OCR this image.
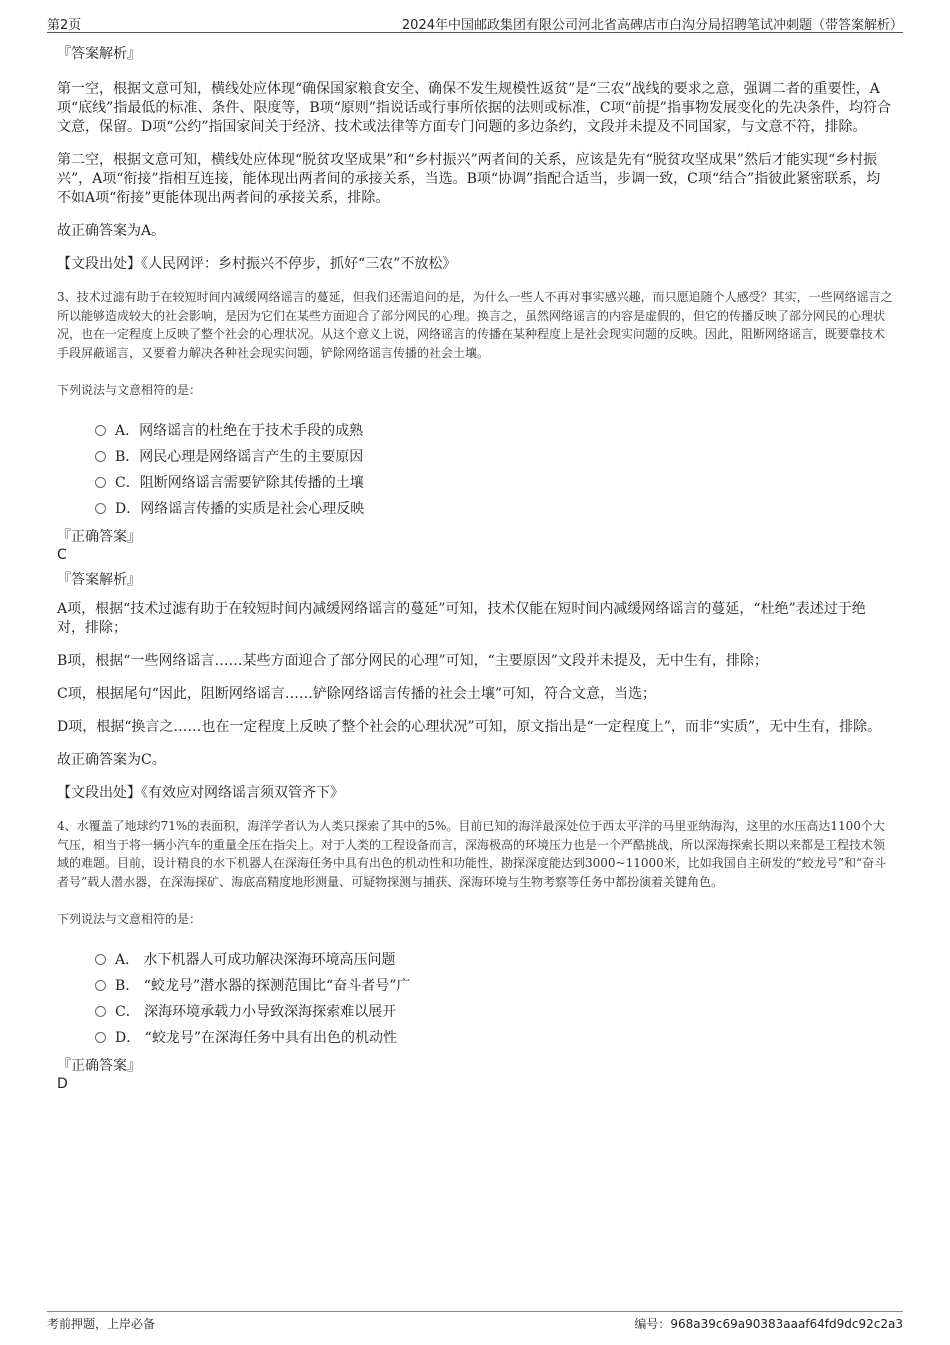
第2页	2024年中国邮政集团有限公司河北省高碑店市白沟分局招聘笔试冲刺题（带答案解析）
『答案解析』

第一空，根据文意可知，横线处应体现“确保国家粮食安全、确保不发生规模性返贫”是“三农”战线的要求之意，强调二者的重要性，A项“底线”指最低的标准、条件、限度等，B项“原则”指说话或行事所依据的法则或标准，C项“前提”指事物发展变化的先决条件，均符合文意，保留。D项“公约”指国家间关于经济、技术或法律等方面专门问题的多边条约，文段并未提及不同国家，与文意不符，排除。

第二空，根据文意可知，横线处应体现“脱贫攻坚成果”和“乡村振兴”两者间的关系，应该是先有“脱贫攻坚成果”然后才能实现“乡村振兴”，A项“衔接”指相互连接，能体现出两者间的承接关系，当选。B项“协调”指配合适当，步调一致，C项“结合”指彼此紧密联系，均不如A项“衔接”更能体现出两者间的承接关系，排除。

故正确答案为A。

【文段出处】《人民网评：乡村振兴不停步，抓好“三农”不放松》

3、技术过滤有助于在较短时间内减缓网络谣言的蔓延，但我们还需追问的是，为什么一些人不再对事实感兴趣，而只愿追随个人感受？其实，一些网络谣言之所以能够造成较大的社会影响，是因为它们在某些方面迎合了部分网民的心理。换言之，虽然网络谣言的内容是虚假的，但它的传播反映了部分网民的心理状况，也在一定程度上反映了整个社会的心理状况。从这个意义上说，网络谣言的传播在某种程度上是社会现实问题的反映。因此，阻断网络谣言，既要靠技术手段屏蔽谣言，又要着力解决各种社会现实问题，铲除网络谣言传播的社会土壤。

下列说法与文意相符的是：

A．网络谣言的杜绝在于技术手段的成熟
B．网民心理是网络谣言产生的主要原因
C．阻断网络谣言需要铲除其传播的土壤
D．网络谣言传播的实质是社会心理反映

『正确答案』

C

『答案解析』

A项，根据“技术过滤有助于在较短时间内减缓网络谣言的蔓延”可知，技术仅能在短时间内减缓网络谣言的蔓延，“杜绝”表述过于绝对，排除；

B项，根据“一些网络谣言……某些方面迎合了部分网民的心理”可知，“主要原因”文段并未提及，无中生有，排除；

C项，根据尾句“因此，阻断网络谣言……铲除网络谣言传播的社会土壤”可知，符合文意，当选；

D项，根据“换言之……也在一定程度上反映了整个社会的心理状况”可知，原文指出是“一定程度上”，而非“实质”，无中生有，排除。

故正确答案为C。

【文段出处】《有效应对网络谣言须双管齐下》

4、水覆盖了地球约71%的表面积，海洋学者认为人类只探索了其中的5%。目前已知的海洋最深处位于西太平洋的马里亚纳海沟，这里的水压高达1100个大气压，相当于将一辆小汽车的重量全压在指尖上。对于人类的工程设备而言，深海极高的环境压力也是一个严酷挑战，所以深海探索长期以来都是工程技术领域的难题。目前，设计精良的水下机器人在深海任务中具有出色的机动性和功能性，勘探深度能达到3000~11000米，比如我国自主研发的“蛟龙号”和“奋斗者号”载人潜水器，在深海探矿、海底高精度地形测量、可疑物探测与捕获、深海环境与生物考察等任务中都扮演着关键角色。

下列说法与文意相符的是：

A． 水下机器人可成功解决深海环境高压问题
B． “蛟龙号”潜水器的探测范围比“奋斗者号”广
C． 深海环境承载力小导致深海探索难以展开
D． “蛟龙号”在深海任务中具有出色的机动性

『正确答案』

D

考前押题，上岸必备	编号：968a39c69a90383aaaf64fd9dc92c2a3
